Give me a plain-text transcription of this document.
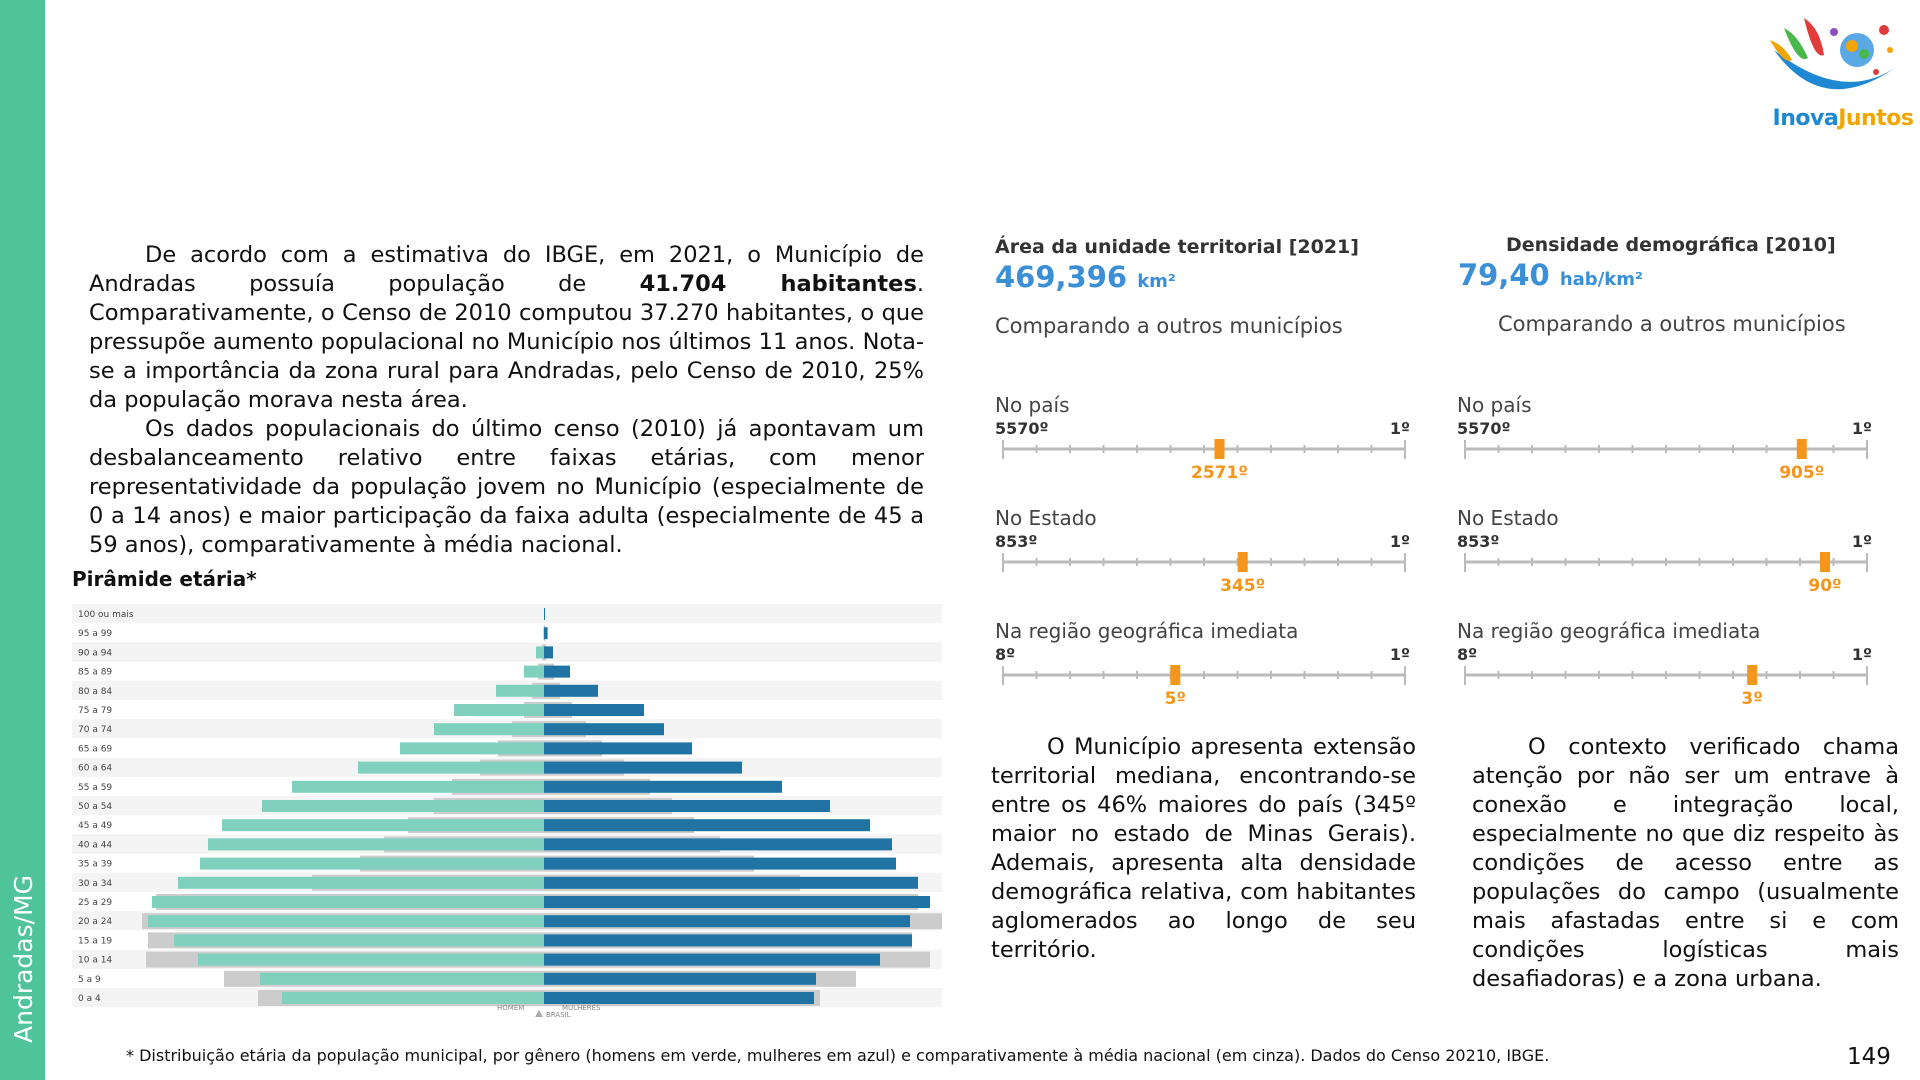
Andradas/MG
InovaJuntos

De acordo com a estimativa do IBGE, em 2021, o Município de Andradas possuía população de 41.704 habitantes. Comparativamente, o Censo de 2010 computou 37.270 habitantes, o que pressupõe aumento populacional no Município nos últimos 11 anos. Nota-se a importância da zona rural para Andradas, pelo Censo de 2010, 25% da população morava nesta área.

Os dados populacionais do último censo (2010) já apontavam um desbalanceamento relativo entre faixas etárias, com menor representatividade da população jovem no Município (especialmente de 0 a 14 anos) e maior participação da faixa adulta (especialmente de 45 a 59 anos), comparativamente à média nacional.

Pirâmide etária*
100 ou mais
95 a 99
90 a 94
85 a 89
80 a 84
75 a 79
70 a 74
65 a 69
60 a 64
55 a 59
50 a 54
45 a 49
40 a 44
35 a 39
30 a 34
25 a 29
20 a 24
15 a 19
10 a 14
5 a 9
0 a 4
HOMEM	MULHERES
BRASIL
Área da unidade territorial [2021]
469,396 km²
Comparando a outros municípios
Densidade demográfica [2010]
79,40 hab/km²
Comparando a outros municípios
No país
5570º	1º
2571º
No Estado
853º	1º
345º
Na região geográfica imediata
8º	1º
5º
No país
5570º	1º
905º
No Estado
853º	1º
90º
Na região geográfica imediata
8º	1º
3º

O Município apresenta extensão territorial mediana, encontrando-se entre os 46% maiores do país (345º maior no estado de Minas Gerais). Ademais, apresenta alta densidade demográfica relativa, com habitantes aglomerados ao longo de seu território.

O contexto verificado chama atenção por não ser um entrave à conexão e integração local, especialmente no que diz respeito às condições de acesso entre as populações do campo (usualmente mais afastadas entre si e com condições logísticas mais desafiadoras) e a zona urbana.

* Distribuição etária da população municipal, por gênero (homens em verde, mulheres em azul) e comparativamente à média nacional (em cinza). Dados do Censo 20210, IBGE.	149
